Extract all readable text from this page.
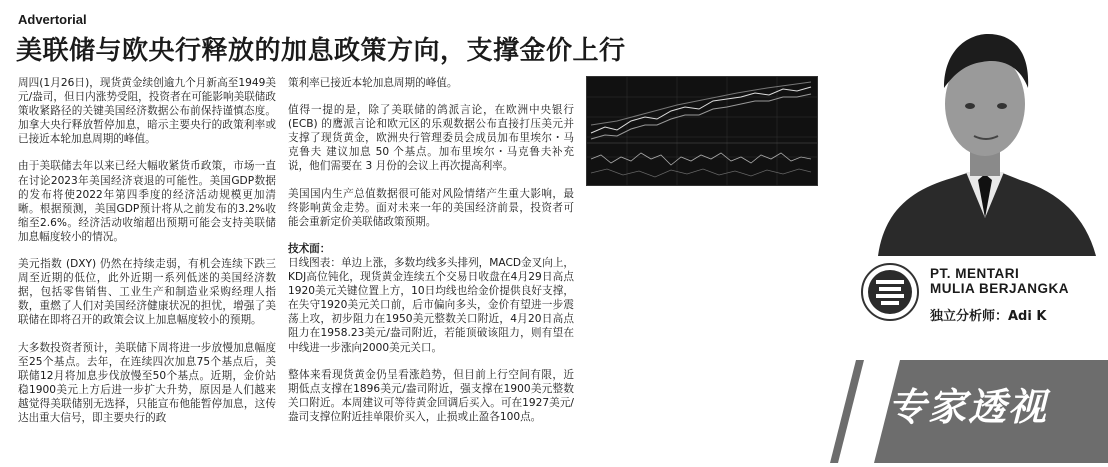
Advertorial
美联储与欧央行释放的加息政策方向，支撑金价上行

周四(1月26日)，现货黄金续创逾九个月新高至1949美元/盎司，但日内涨势受阻，投资者在可能影响美联储政策收紧路径的关键美国经济数据公布前保持谨慎态度。加拿大央行释放暂停加息，暗示主要央行的政策利率或已接近本轮加息周期的峰值。

由于美联储去年以来已经大幅收紧货币政策，市场一直在讨论2023年美国经济衰退的可能性。美国GDP数据的发布将使2022年第四季度的经济活动规模更加清晰。根据预测，美国GDP预计将从之前发布的3.2%收缩至2.6%。经济活动收缩超出预期可能会支持美联储加息幅度较小的情况。

美元指数 (DXY) 仍然在持续走弱，有机会连续下跌三周至近期的低位，此外近期一系列低迷的美国经济数据，包括零售销售、工业生产和制造业采购经理人指数，重燃了人们对美国经济健康状况的担忧，增强了美联储在即将召开的政策会议上加息幅度较小的预期。

大多数投资者预计，美联储下周将进一步放慢加息幅度至25个基点。去年，在连续四次加息75个基点后，美联储12月将加息步伐放慢至50个基点。近期，金价站稳1900美元上方后进一步扩大升势，原因是人们越来越觉得美联储别无选择，只能宣布他能暂停加息，这传达出重大信号，即主要央行的政

策利率已接近本轮加息周期的峰值。

值得一提的是，除了美联储的鸽派言论，在欧洲中央银行(ECB) 的鹰派言论和欧元区的乐观数据公布直接打压美元并支撑了现货黄金，欧洲央行管理委员会成员加布里埃尔・马克鲁夫 建议加息 50 个基点。加布里埃尔・马克鲁夫补充说，他们需要在 3 月份的会议上再次提高利率。

美国国内生产总值数据很可能对风险情绪产生重大影响，最终影响黄金走势。面对未来一年的美国经济前景，投资者可能会重新定价美联储政策预期。

技术面：

日线图表：单边上涨，多数均线多头排列，MACD金叉向上，KDJ高位钝化，现货黄金连续五个交易日收盘在4月29日高点1920美元关键位置上方，10日均线也给金价提供良好支撑，在失守1920美元关口前，后市偏向多头，金价有望进一步震荡上攻，初步阻力在1950美元整数关口附近，4月20日高点阻力在1958.23美元/盎司附近，若能顶破该阻力，则有望在中线进一步涨向2000美元关口。

整体来看现货黄金仍呈看涨趋势，但目前上行空间有限，近期低点支撑在1896美元/盎司附近，强支撑在1900美元整数关口附近。本周建议可等待黄金回调后买入。可在1927美元/盎司支撑位附近挂单限价买入，止损或止盈各100点。

PT. MENTARI
MULIA BERJANGKA
独立分析师：Adi K
专家透视
